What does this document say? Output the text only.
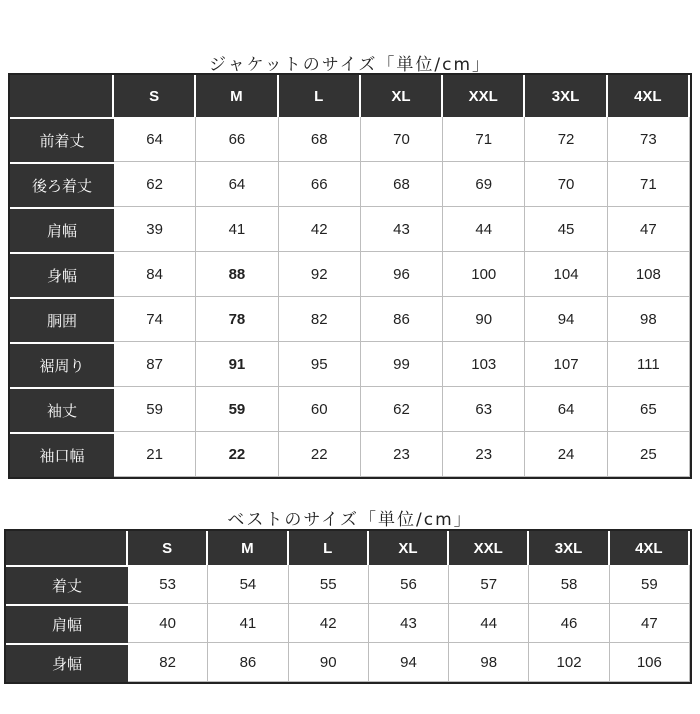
ジャケットのサイズ「単位/cm」
	S	M	L	XL	XXL	3XL	4XL
前着丈	64	66	68	70	71	72	73
後ろ着丈	62	64	66	68	69	70	71
肩幅	39	41	42	43	44	45	47
身幅	84	88	92	96	100	104	108
胴囲	74	78	82	86	90	94	98
裾周り	87	91	95	99	103	107	111
袖丈	59	59	60	62	63	64	65
袖口幅	21	22	22	23	23	24	25
ベストのサイズ「単位/cm」
	S	M	L	XL	XXL	3XL	4XL
着丈	53	54	55	56	57	58	59
肩幅	40	41	42	43	44	46	47
身幅	82	86	90	94	98	102	106
